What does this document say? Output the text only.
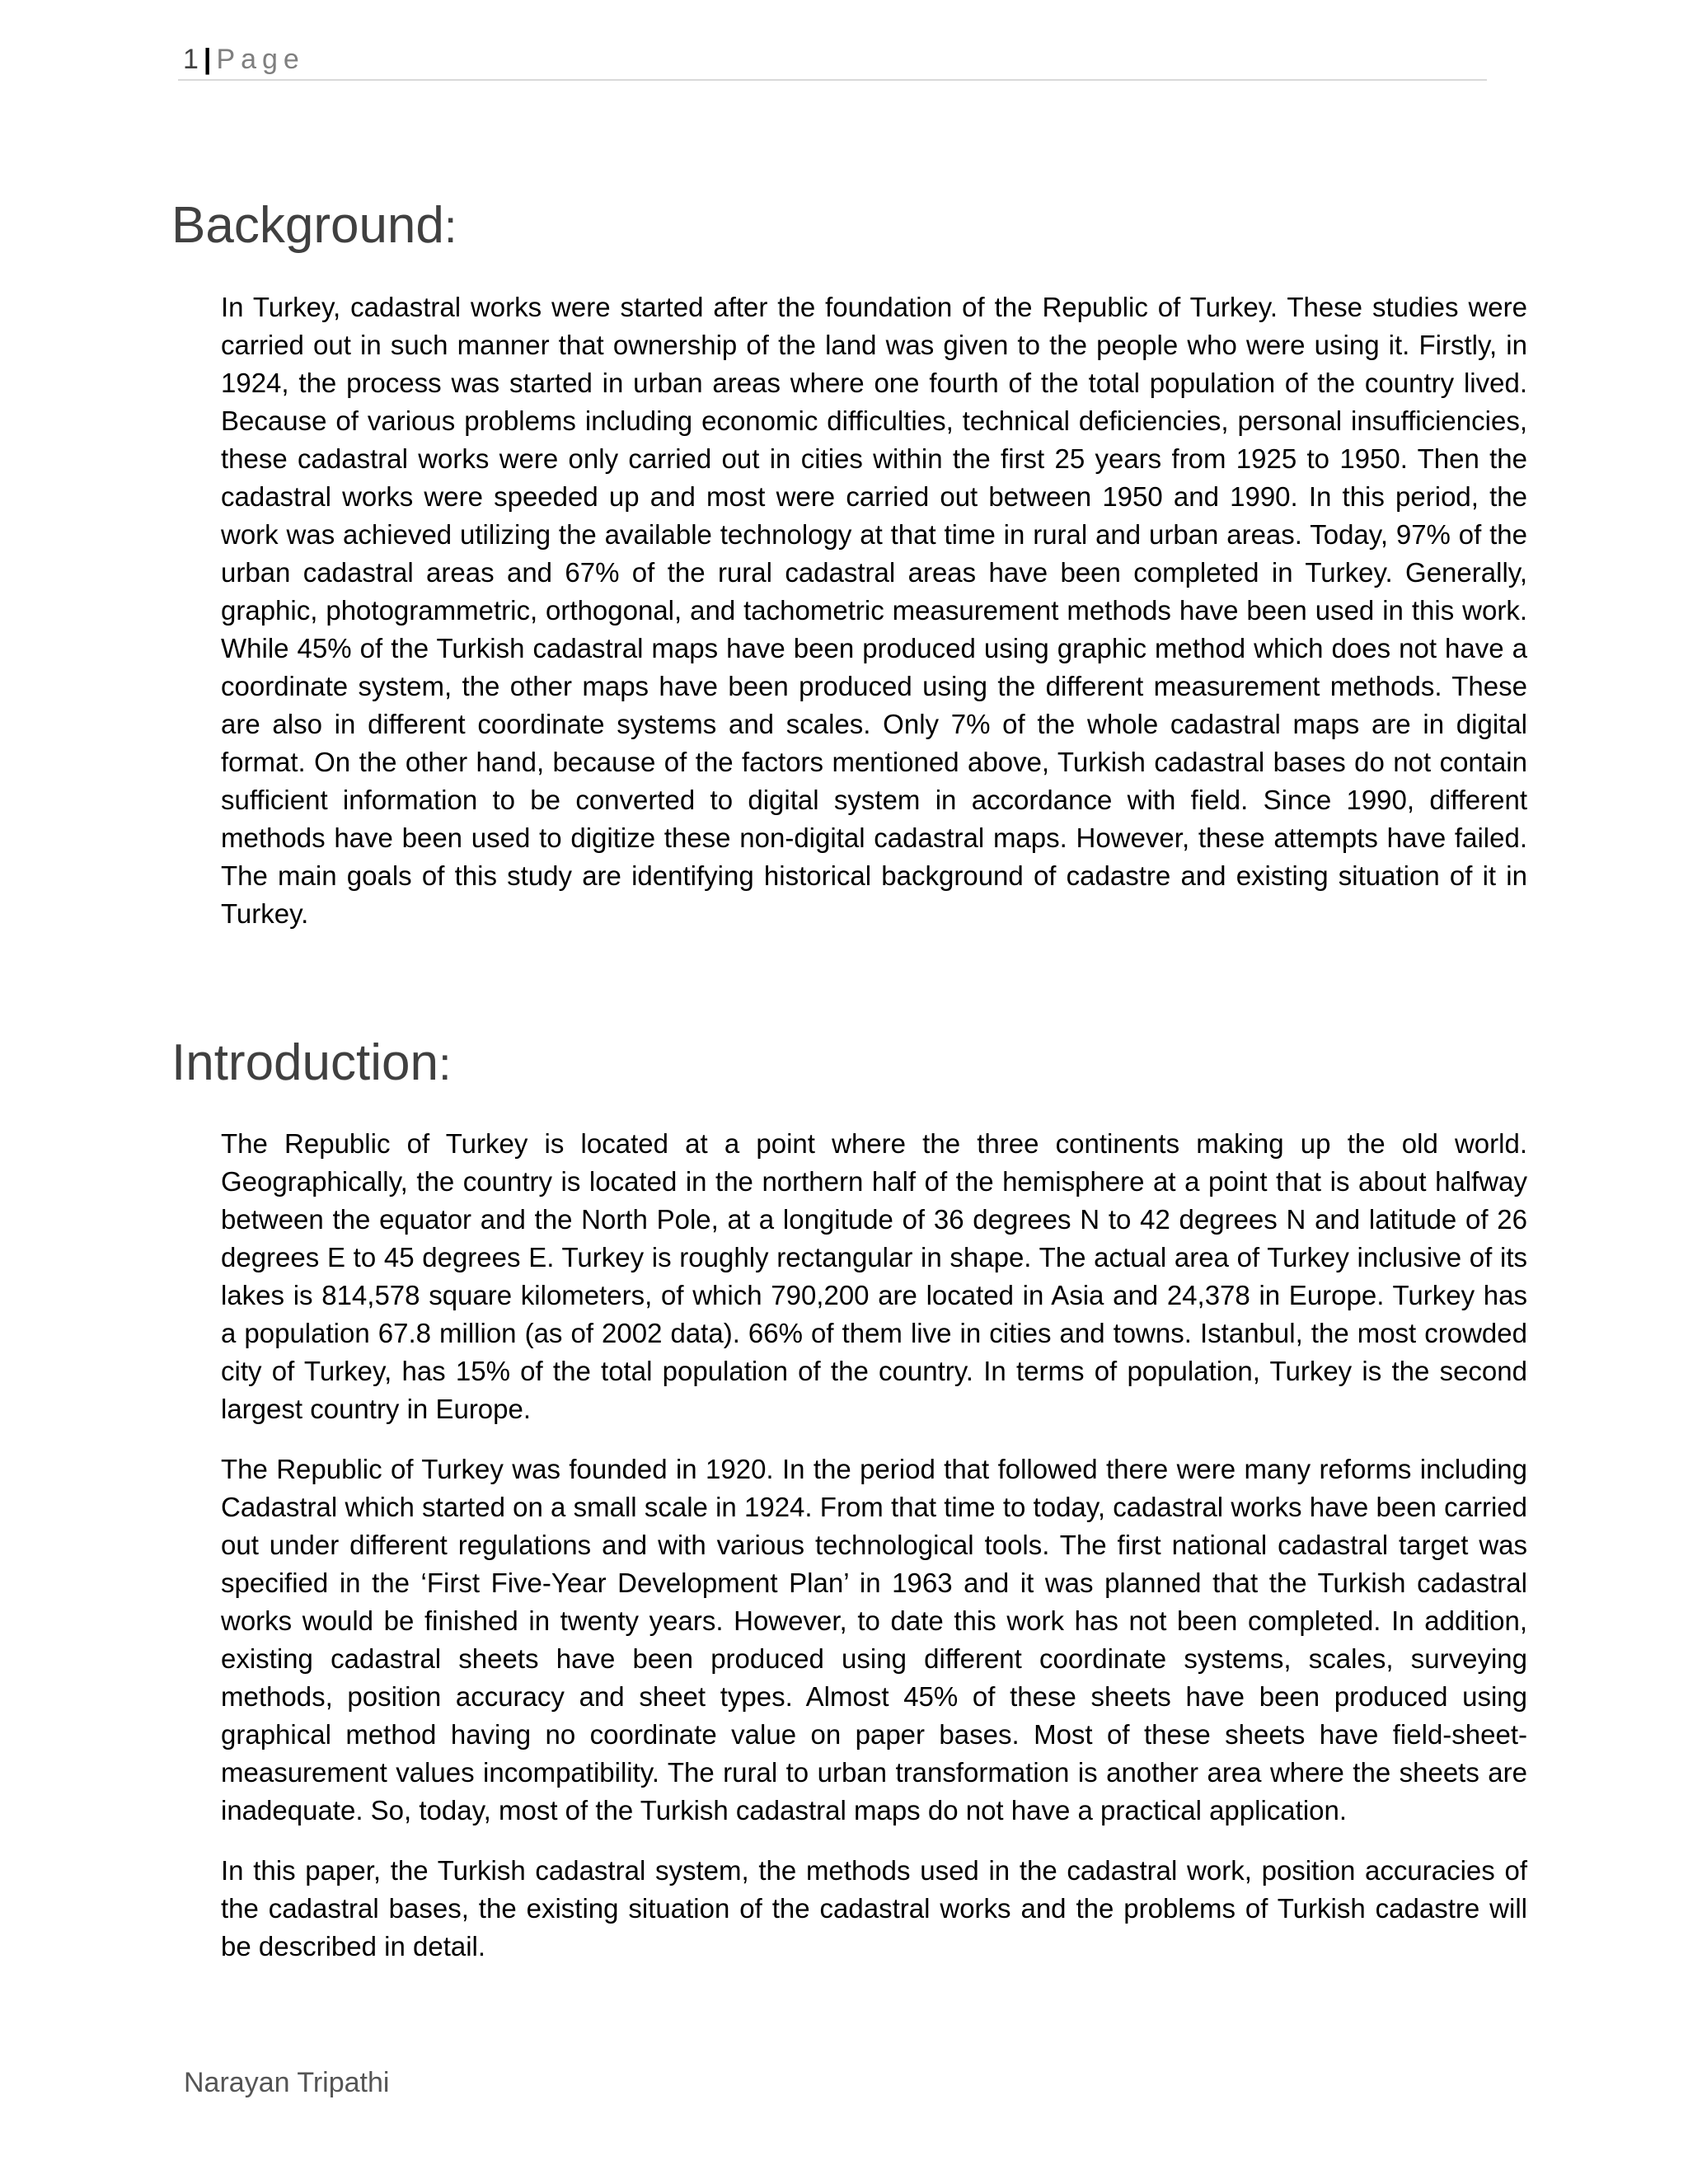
1 | Page
Background:

In Turkey, cadastral works were started after the foundation of the Republic of Turkey. These studies were carried out in such manner that ownership of the land was given to the people who were using it. Firstly, in 1924, the process was started in urban areas where one fourth of the total population of the country lived. Because of various problems including economic difficulties, technical deficiencies, personal insufficiencies, these cadastral works were only carried out in cities within the first 25 years from 1925 to 1950. Then the cadastral works were speeded up and most were carried out between 1950 and 1990. In this period, the work was achieved utilizing the available technology at that time in rural and urban areas. Today, 97% of the urban cadastral areas and 67% of the rural cadastral areas have been completed in Turkey. Generally, graphic, photogrammetric, orthogonal, and tachometric measurement methods have been used in this work. While 45% of the Turkish cadastral maps have been produced using graphic method which does not have a coordinate system, the other maps have been produced using the different measurement methods. These are also in different coordinate systems and scales. Only 7% of the whole cadastral maps are in digital format. On the other hand, because of the factors mentioned above, Turkish cadastral bases do not contain sufficient information to be converted to digital system in accordance with field. Since 1990, different methods have been used to digitize these non-digital cadastral maps. However, these attempts have failed. The main goals of this study are identifying historical background of cadastre and existing situation of it in Turkey.

Introduction:

The Republic of Turkey is located at a point where the three continents making up the old world. Geographically, the country is located in the northern half of the hemisphere at a point that is about halfway between the equator and the North Pole, at a longitude of 36 degrees N to 42 degrees N and latitude of 26 degrees E to 45 degrees E. Turkey is roughly rectangular in shape. The actual area of Turkey inclusive of its lakes is 814,578 square kilometers, of which 790,200 are located in Asia and 24,378 in Europe. Turkey has a population 67.8 million (as of 2002 data). 66% of them live in cities and towns. Istanbul, the most crowded city of Turkey, has 15% of the total population of the country. In terms of population, Turkey is the second largest country in Europe.

The Republic of Turkey was founded in 1920. In the period that followed there were many reforms including Cadastral which started on a small scale in 1924. From that time to today, cadastral works have been carried out under different regulations and with various technological tools. The first national cadastral target was specified in the ‘First Five-Year Development Plan’ in 1963 and it was planned that the Turkish cadastral works would be finished in twenty years. However, to date this work has not been completed. In addition, existing cadastral sheets have been produced using different coordinate systems, scales, surveying methods, position accuracy and sheet types. Almost 45% of these sheets have been produced using graphical method having no coordinate value on paper bases. Most of these sheets have field-sheet-measurement values incompatibility. The rural to urban transformation is another area where the sheets are inadequate. So, today, most of the Turkish cadastral maps do not have a practical application.

In this paper, the Turkish cadastral system, the methods used in the cadastral work, position accuracies of the cadastral bases, the existing situation of the cadastral works and the problems of Turkish cadastre will be described in detail.

Narayan Tripathi
